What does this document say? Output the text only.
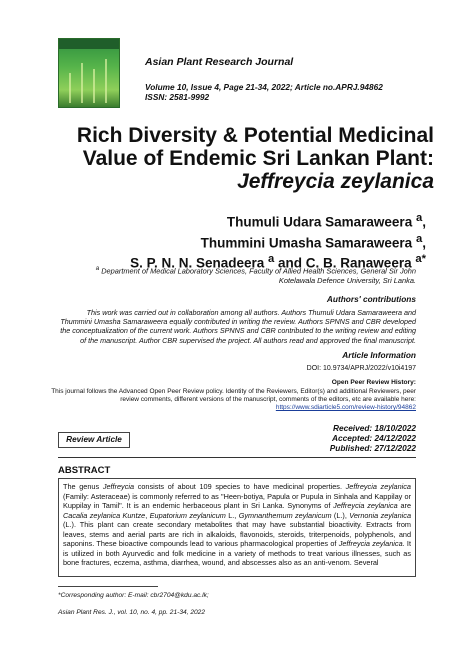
Asian Plant Research Journal
Volume 10, Issue 4, Page 21-34, 2022; Article no.APRJ.94862
ISSN: 2581-9992
Rich Diversity & Potential Medicinal
Value of Endemic Sri Lankan Plant:
Jeffreycia zeylanica
Thumuli Udara Samaraweera $^a$,
Thummini Umasha Samaraweera $^a$,
S. P. N. N. Senadeera $^a$ and C. B. Ranaweera $^{a*}$
$^a$ Department of Medical Laboratory Sciences, Faculty of Allied Health Sciences, General Sir John
Kotelawala Defence University, Sri Lanka.
Authors' contributions
This work was carried out in collaboration among all authors. Authors Thumuli Udara Samaraweera and
Thummini Umasha Samaraweera equally contributed in writing the review. Authors SPNNS and CBR developed
the conceptualization of the current work. Authors SPNNS and CBR contributed to the writing review and editing
of the manuscript. Author CBR supervised the project. All authors read and approved the final manuscript.
Article Information
DOI: 10.9734/APRJ/2022/v10i4197
Open Peer Review History:
This journal follows the Advanced Open Peer Review policy. Identity of the Reviewers, Editor(s) and additional Reviewers, peer
review comments, different versions of the manuscript, comments of the editors, etc are available here:
https://www.sdiarticle5.com/review-history/94862
Review Article
Received: 18/10/2022
Accepted: 24/12/2022
Published: 27/12/2022
ABSTRACT
The genus Jeffreycia consists of about 109 species to have medicinal properties. Jeffreycia zeylanica (Family: Asteraceae) is commonly referred to as "Heen-botiya, Papula or Pupula in Sinhala and Kappilay or Kuppilay in Tamil". It is an endemic herbaceous plant in Sri Lanka. Synonyms of Jeffreycia zeylanica are Cacalia zeylanica Kuntze, Eupatorium zeylanicum L., Gymnanthemum zeylanicum (L.), Vernonia zeylanica (L.). This plant can create secondary metabolites that may have substantial bioactivity. Extracts from leaves, stems and aerial parts are rich in alkaloids, flavonoids, steroids, triterpenoids, polyphenols, and saponins. These bioactive compounds lead to various pharmacological properties of Jeffreycia zeylanica. It is utilized in both Ayurvedic and folk medicine in a variety of methods to treat various illnesses, such as bone fractures, eczema, asthma, diarrhea, wound, and abscesses also as an anti-venom. Several
*Corresponding author: E-mail: cbr2704@kdu.ac.lk;
Asian Plant Res. J., vol. 10, no. 4, pp. 21-34, 2022
